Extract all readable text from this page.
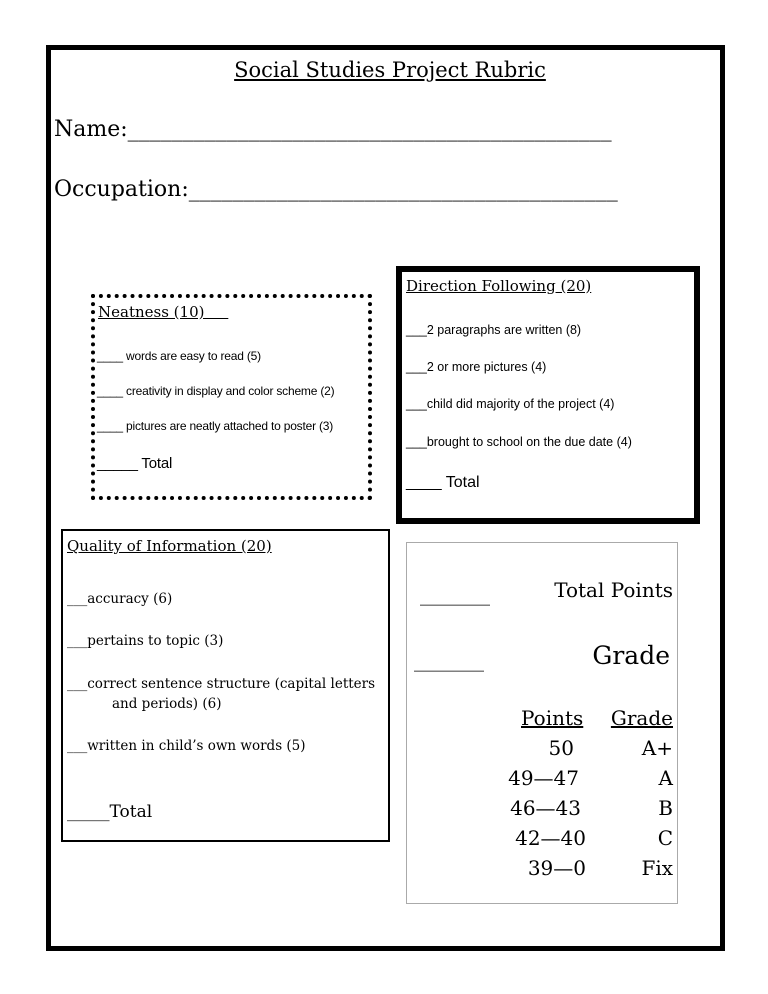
Social Studies Project Rubric
Name:____________________________________________
Occupation:_______________________________________
Neatness (10)
____ words are easy to read (5)
____ creativity in display and color scheme (2)
____ pictures are neatly attached to poster (3)
_____ Total
Direction Following (20)
___2 paragraphs are written (8)
___2 or more pictures (4)
___child did majority of the project (4)
___brought to school on the due date (4)
____ Total
Quality of Information (20)
___accuracy (6)
___pertains to topic (3)
___correct sentence structure (capital letters
and periods) (6)
___written in child’s own words (5)
_____Total
_______	Total Points
_______	Grade
Points Grade
50	A+
49—47	A
46—43	B
42—40	C
39—0	Fix
